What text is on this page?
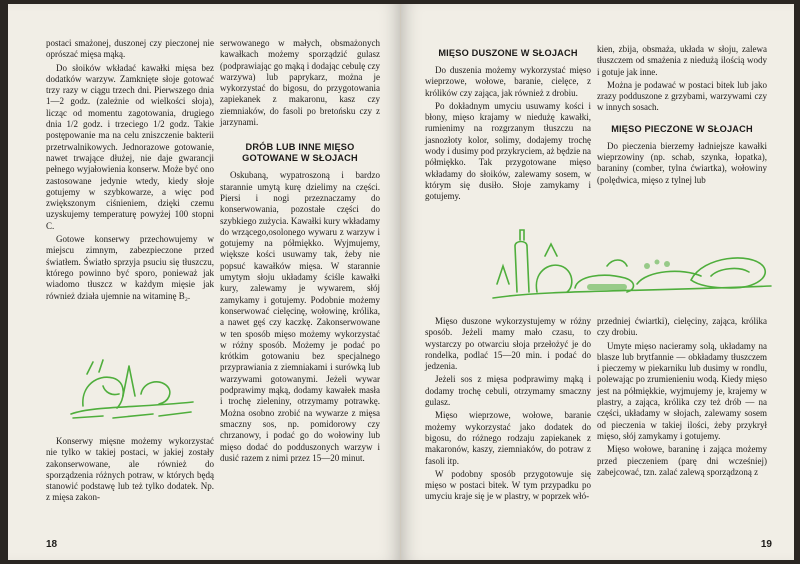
postaci smażonej, duszonej czy pieczonej nie oprószać mięsa mąką.

Do słoików wkładać kawałki mięsa bez dodatków warzyw. Zamknięte słoje gotować trzy razy w ciągu trzech dni. Pierwszego dnia 1—2 godz. (zależnie od wielkości słoja), licząc od momentu zagotowania, drugiego dnia 1/2 godz. i trzeciego 1/2 godz. Takie postępowanie ma na celu zniszczenie bakterii przetrwalnikowych. Jednorazowe gotowanie, nawet trwające dłużej, nie daje gwarancji pełnego wyjałowienia konserw. Może być ono zastosowane jedynie wtedy, kiedy słoje gotujemy w szybkowarze, a więc pod zwiększonym ciśnieniem, dzięki czemu uzyskujemy temperaturę powyżej 100 stopni C.

Gotowe konserwy przechowujemy w miejscu zimnym, zabezpieczone przed światłem. Światło sprzyja psuciu się tłuszczu, którego powinno być sporo, ponieważ jak wiadomo tłuszcz w każdym mięsie jak również działa ujemnie na witaminę B₂.

Konserwy mięsne możemy wykorzystać nie tylko w takiej postaci, w jakiej zostały zakonserwowane, ale również do sporządzenia różnych potraw, w których będą stanowić podstawę lub też tylko dodatek. Np. z mięsa zakon-

serwowanego w małych, obsmażonych kawałkach możemy sporządzić gulasz (podprawiając go mąką i dodając cebulę czy warzywa) lub paprykarz, można je wykorzystać do bigosu, do przygotowania zapiekanek z makaronu, kasz czy ziemniaków, do fasoli po bretońsku czy z jarzynami.

DRÓB LUB INNE MIĘSO GOTOWANE W SŁOJACH

Oskubaną, wypatroszoną i bardzo starannie umytą kurę dzielimy na części. Piersi i nogi przeznaczamy do konserwowania, pozostałe części do szybkiego zużycia. Kawałki kury wkładamy do wrzącego,osolonego wywaru z warzyw i gotujemy na półmiękko. Wyjmujemy, większe kości usuwamy tak, żeby nie popsuć kawałków mięsa. W starannie umytym słoju układamy ściśle kawałki kury, zalewamy je wywarem, słój zamykamy i gotujemy. Podobnie możemy konserwować cielęcinę, wołowinę, królika, a nawet gęś czy kaczkę. Zakonserwowane w ten sposób mięso możemy wykorzystać w różny sposób. Możemy je podać po krótkim gotowaniu bez specjalnego przyprawiania z ziemniakami i surówką lub warzywami gotowanymi. Jeżeli wywar podprawimy mąką, dodamy kawałek masła i trochę zieleniny, otrzymamy potrawkę. Można osobno zrobić na wywarze z mięsa smaczny sos, np. pomidorowy czy chrzanowy, i podać go do wołowiny lub mięso dodać do podduszonych warzyw i dusić razem z nimi przez 15—20 minut.

18
MIĘSO DUSZONE W SŁOJACH

Do duszenia możemy wykorzystać mięso wieprzowe, wołowe, baranie, cielęce, z królików czy zająca, jak również z drobiu.

Po dokładnym umyciu usuwamy kości i błony, mięso krajamy w niedużę kawałki, rumienimy na rozgrzanym tłuszczu na jasnozłoty kolor, solimy, dodajemy trochę wody i dusimy pod przykryciem, aż będzie na półmiękko. Tak przygotowane mięso wkładamy do słoików, zalewamy sosem, w którym się dusiło. Słoje zamykamy i gotujemy.

kien, zbija, obsmaża, układa w słoju, zalewa tłuszczem od smażenia z niedużą ilością wody i gotuje jak inne.

Można je podawać w postaci bitek lub jako zrazy podduszone z grzybami, warzywami czy w innych sosach.

MIĘSO PIECZONE W SŁOJACH

Do pieczenia bierzemy ładniejsze kawałki wieprzowiny (np. schab, szynka, łopatka), baraniny (comber, tylna ćwiartka), wołowiny (polędwica, mięso z tylnej lub

Mięso duszone wykorzystujemy w różny sposób. Jeżeli mamy mało czasu, to wystarczy po otwarciu słoja przełożyć je do rondelka, podlać 15—20 min. i podać do jedzenia.

Jeżeli sos z mięsa podprawimy mąką i dodamy trochę cebuli, otrzymamy smaczny gulasz.

Mięso wieprzowe, wołowe, baranie możemy wykorzystać jako dodatek do bigosu, do różnego rodzaju zapiekanek z makaronów, kaszy, ziemniaków, do potraw z fasoli itp.

W podobny sposób przygotowuje się mięso w postaci bitek. W tym przypadku po umyciu kraje się je w plastry, w poprzek włó-

przedniej ćwiartki), cielęciny, zająca, królika czy drobiu.

Umyte mięso nacieramy solą, układamy na blasze lub brytfannie — obkładamy tłuszczem i pieczemy w piekarniku lub dusimy w rondlu, polewając po zrumienieniu wodą. Kiedy mięso jest na półmiękkie, wyjmujemy je, krajemy w plastry, a zająca, królika czy też drób — na części, układamy w słojach, zalewamy sosem od pieczenia w takiej ilości, żeby przykrył mięso, słój zamykamy i gotujemy.

Mięso wołowe, baraninę i zająca możemy przed pieczeniem (parę dni wcześniej) zabejcować, tzn. zalać zalewą sporządzoną z

19
